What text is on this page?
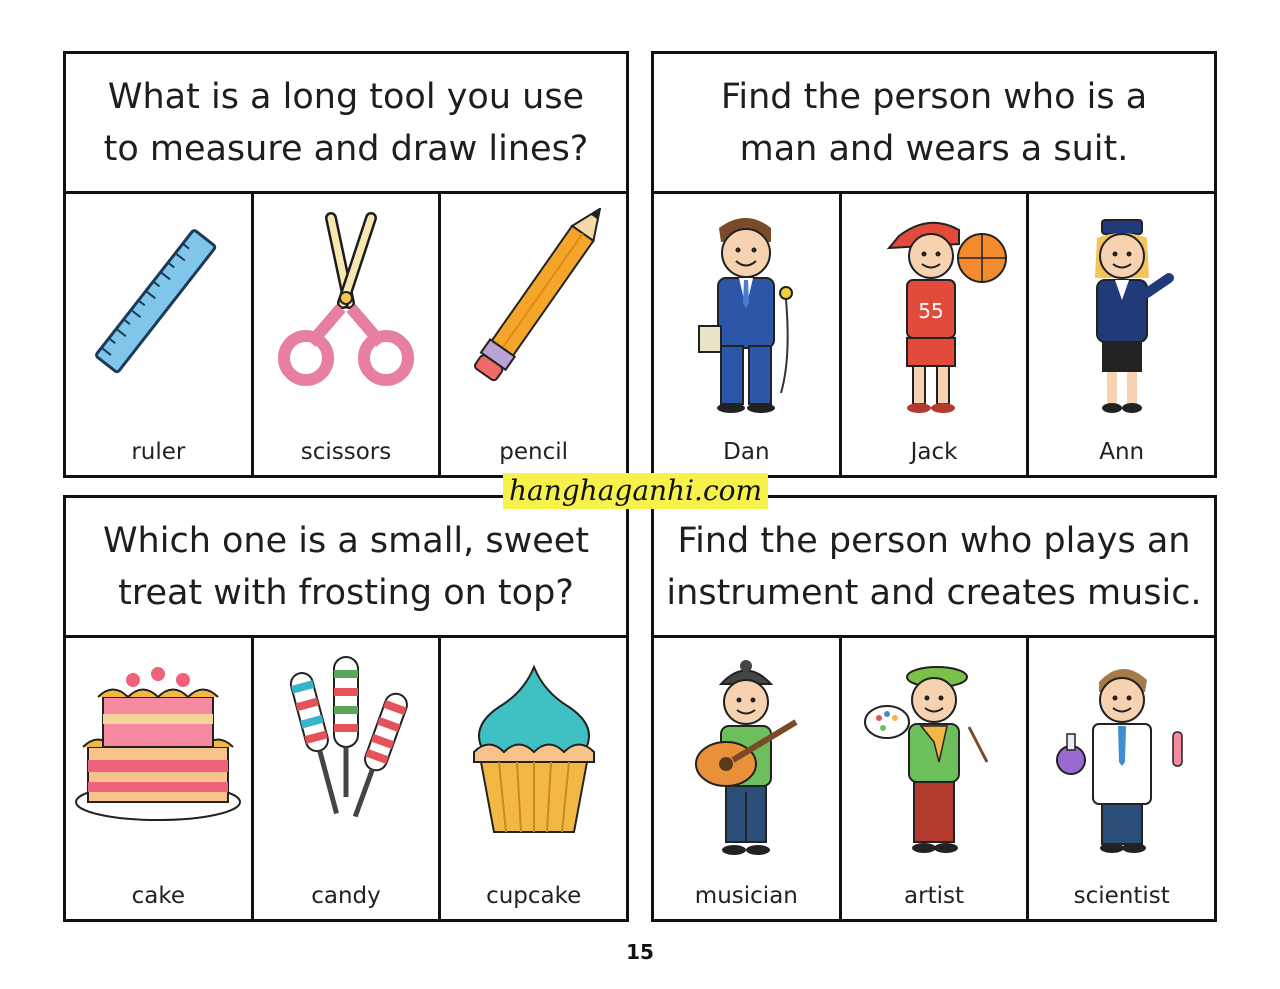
What is a long tool you use
to measure and draw lines?
ruler	scissors	pencil
Find the person who is a
man and wears a suit.
Dan
55
Jack	Ann
Which one is a small, sweet
treat with frosting on top?
cake	candy	cupcake
Find the person who plays an
instrument and creates music.
musician	artist	scientist
hanghaganhi.com
15
